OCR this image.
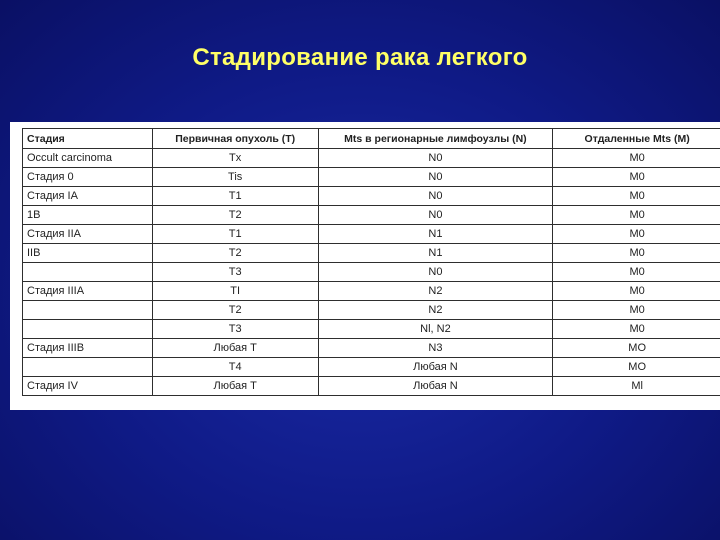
Стадирование рака легкого
Стадия	Первичная опухоль (T)	Mts в регионарные лимфоузлы (N)	Отдаленные Mts (M)
Occult carcinoma	Tx	N0	M0
Стадия 0	Tis	N0	M0
Стадия IA	T1	N0	M0
1B	T2	N0	M0
Стадия IIA	T1	N1	M0
IIB	T2	N1	M0
	T3	N0	M0
Стадия IIIA	TI	N2	M0
	T2	N2	M0
	T3	Nl, N2	M0
Стадия IIIB	Любая T	N3	MO
	T4	Любая N	MO
Стадия IV	Любая T	Любая N	Ml
